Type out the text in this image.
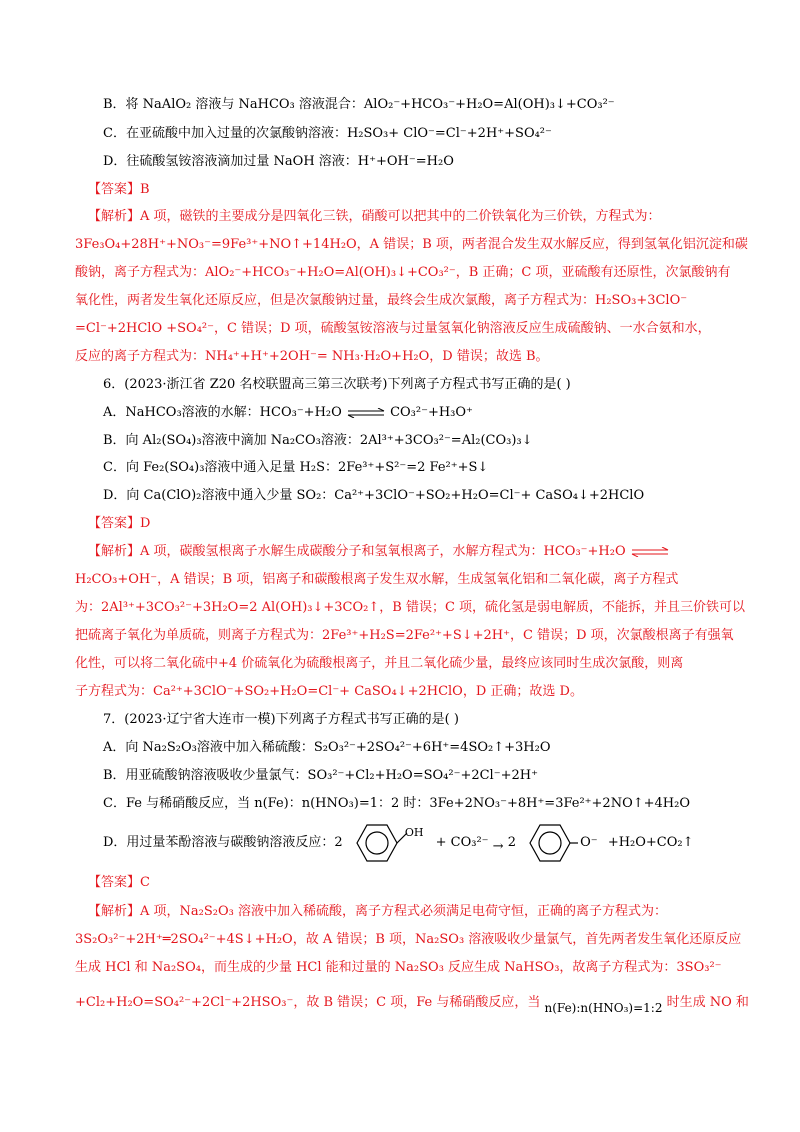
B．将 NaAlO₂ 溶液与 NaHCO₃ 溶液混合：AlO₂⁻+HCO₃⁻+H₂O=Al(OH)₃↓+CO₃²⁻
C．在亚硫酸中加入过量的次氯酸钠溶液：H₂SO₃+ ClO⁻=Cl⁻+2H⁺+SO₄²⁻
D．往硫酸氢铵溶液滴加过量 NaOH 溶液：H⁺+OH⁻=H₂O
【答案】B
【解析】A 项，磁铁的主要成分是四氧化三铁，硝酸可以把其中的二价铁氧化为三价铁，方程式为：
3Fe₃O₄+28H⁺+NO₃⁻=9Fe³⁺+NO↑+14H₂O，A 错误；B 项，两者混合发生双水解反应，得到氢氧化铝沉淀和碳
酸钠，离子方程式为：AlO₂⁻+HCO₃⁻+H₂O=Al(OH)₃↓+CO₃²⁻，B 正确；C 项，亚硫酸有还原性，次氯酸钠有
氧化性，两者发生氧化还原反应，但是次氯酸钠过量，最终会生成次氯酸，离子方程式为：H₂SO₃+3ClO⁻
=Cl⁻+2HClO +SO₄²⁻，C 错误；D 项，硫酸氢铵溶液与过量氢氧化钠溶液反应生成硫酸钠、一水合氨和水，
反应的离子方程式为：NH₄⁺+H⁺+2OH⁻= NH₃·H₂O+H₂O，D 错误；故选 B。
6．(2023·浙江省 Z20 名校联盟高三第三次联考)下列离子方程式书写正确的是( )
A．NaHCO₃溶液的水解：HCO₃⁻+H₂O ⇌ CO₃²⁻+H₃O⁺
B．向 Al₂(SO₄)₃溶液中滴加 Na₂CO₃溶液：2Al³⁺+3CO₃²⁻=Al₂(CO₃)₃↓
C．向 Fe₂(SO₄)₃溶液中通入足量 H₂S：2Fe³⁺+S²⁻=2 Fe²⁺+S↓
D．向 Ca(ClO)₂溶液中通入少量 SO₂：Ca²⁺+3ClO⁻+SO₂+H₂O=Cl⁻+ CaSO₄↓+2HClO
【答案】D
【解析】A 项，碳酸氢根离子水解生成碳酸分子和氢氧根离子，水解方程式为：HCO₃⁻+H₂O ⇌
H₂CO₃+OH⁻，A 错误；B 项，铝离子和碳酸根离子发生双水解，生成氢氧化铝和二氧化碳，离子方程式
为：2Al³⁺+3CO₃²⁻+3H₂O=2 Al(OH)₃↓+3CO₂↑，B 错误；C 项，硫化氢是弱电解质，不能拆，并且三价铁可以
把硫离子氧化为单质硫，则离子方程式为：2Fe³⁺+H₂S=2Fe²⁺+S↓+2H⁺，C 错误；D 项，次氯酸根离子有强氧
化性，可以将二氧化硫中+4 价硫氧化为硫酸根离子，并且二氧化硫少量，最终应该同时生成次氯酸，则离
子方程式为：Ca²⁺+3ClO⁻+SO₂+H₂O=Cl⁻+ CaSO₄↓+2HClO，D 正确；故选 D。
7．(2023·辽宁省大连市一模)下列离子方程式书写正确的是( )
A．向 Na₂S₂O₃溶液中加入稀硫酸：S₂O₃²⁻+2SO₄²⁻+6H⁺=4SO₂↑+3H₂O
B．用亚硫酸钠溶液吸收少量氯气：SO₃²⁻+Cl₂+H₂O=SO₄²⁻+2Cl⁻+2H⁺
C．Fe 与稀硝酸反应，当 n(Fe)：n(HNO₃)=1：2 时：3Fe+2NO₃⁻+8H⁺=3Fe²⁺+2NO↑+4H₂O
D．用过量苯酚溶液与碳酸钠溶液反应：2 $^{OH}$ + CO₃²⁻ → 2	O⁻ +H₂O+CO₂↑
【答案】C
【解析】A 项，Na₂S₂O₃ 溶液中加入稀硫酸，离子方程式必须满足电荷守恒，正确的离子方程式为：
3S₂O₃²⁻+2H⁺═2SO₄²⁻+4S↓+H₂O，故 A 错误；B 项，Na₂SO₃ 溶液吸收少量氯气，首先两者发生氧化还原反应
生成 HCl 和 Na₂SO₄，而生成的少量 HCl 能和过量的 Na₂SO₃ 反应生成 NaHSO₃，故离子方程式为：3SO₃²⁻
+Cl₂+H₂O=SO₄²⁻+2Cl⁻+2HSO₃⁻，故 B 错误；C 项，Fe 与稀硝酸反应，当 n(Fe):n(HNO₃)=1:2 时生成 NO 和
